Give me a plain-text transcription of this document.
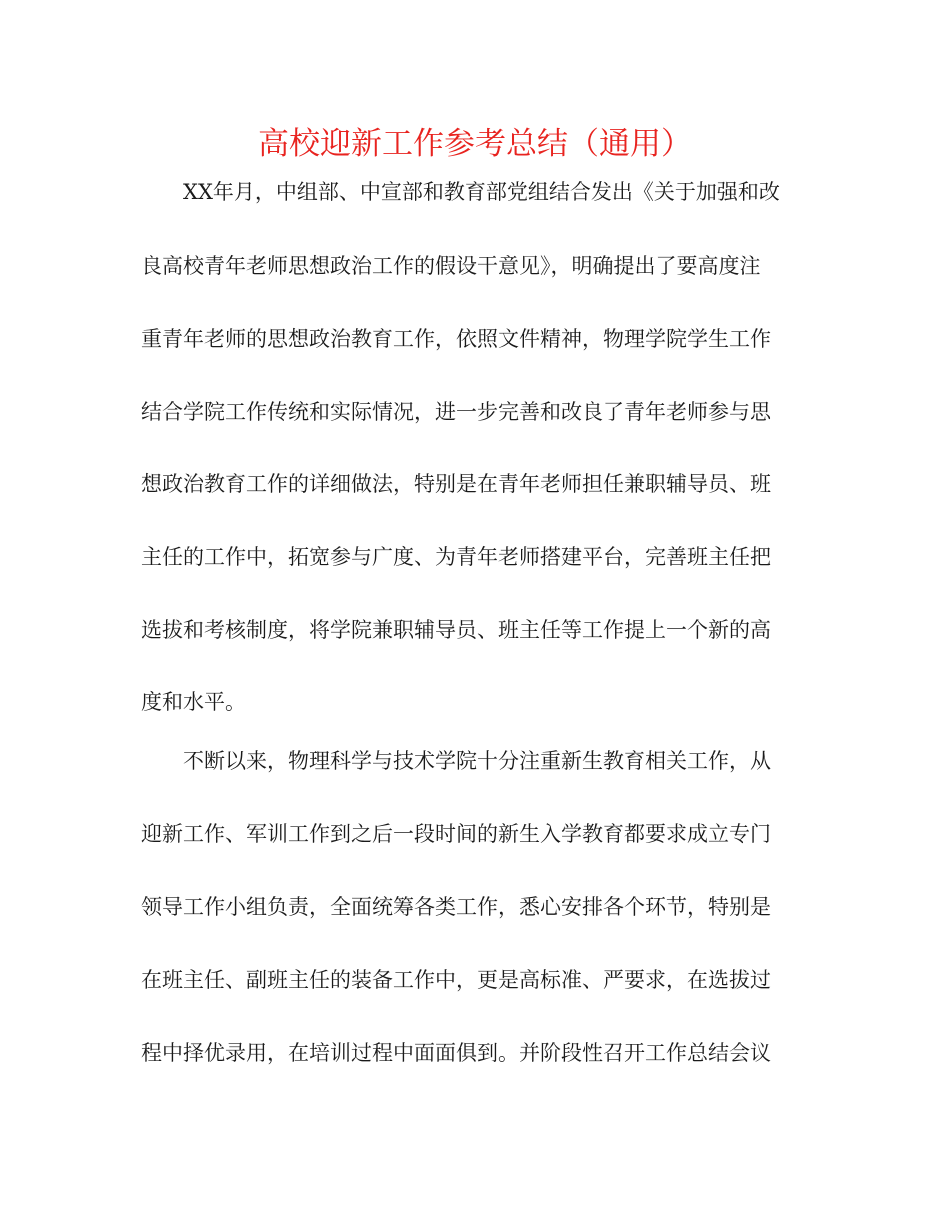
高校迎新工作参考总结（通用）
XX年月，中组部、中宣部和教育部党组结合发出《关于加强和改
良高校青年老师思想政治工作的假设干意见》，明确提出了要高度注
重青年老师的思想政治教育工作，依照文件精神，物理学院学生工作
结合学院工作传统和实际情况，进一步完善和改良了青年老师参与思
想政治教育工作的详细做法，特别是在青年老师担任兼职辅导员、班
主任的工作中，拓宽参与广度、为青年老师搭建平台，完善班主任把
选拔和考核制度，将学院兼职辅导员、班主任等工作提上一个新的高
度和水平。
不断以来，物理科学与技术学院十分注重新生教育相关工作，从
迎新工作、军训工作到之后一段时间的新生入学教育都要求成立专门
领导工作小组负责，全面统筹各类工作，悉心安排各个环节，特别是
在班主任、副班主任的装备工作中，更是高标准、严要求，在选拔过
程中择优录用，在培训过程中面面俱到。并阶段性召开工作总结会议
